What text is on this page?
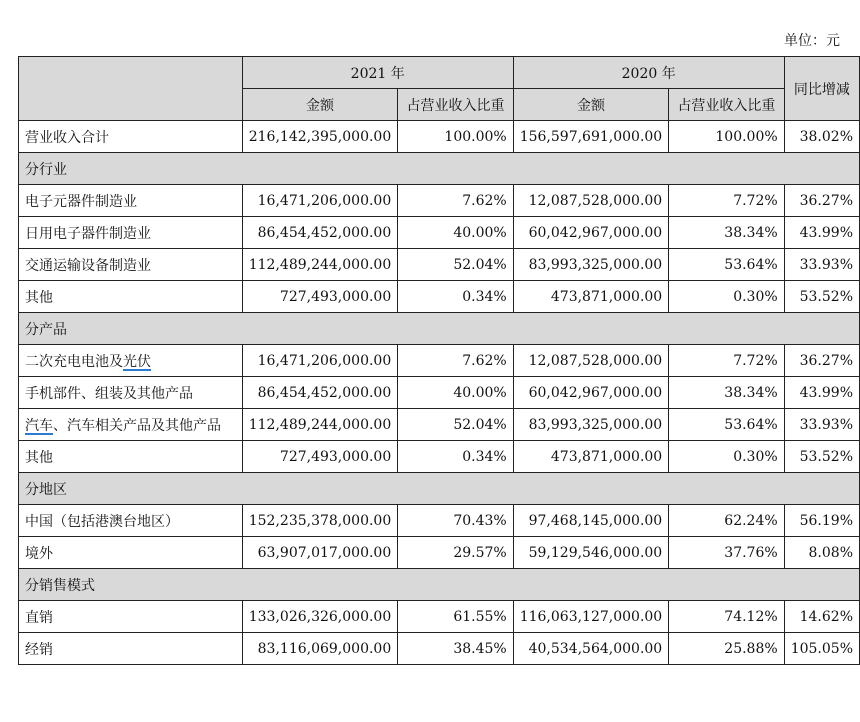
单位：元
	2021 年		2020 年		同比增减
	金额	占营业收入比重	金额	占营业收入比重	
营业收入合计	216,142,395,000.00	100.00%	156,597,691,000.00	100.00%	38.02%
分行业					
电子元器件制造业	16,471,206,000.00	7.62%	12,087,528,000.00	7.72%	36.27%
日用电子器件制造业	86,454,452,000.00	40.00%	60,042,967,000.00	38.34%	43.99%
交通运输设备制造业	112,489,244,000.00	52.04%	83,993,325,000.00	53.64%	33.93%
其他	727,493,000.00	0.34%	473,871,000.00	0.30%	53.52%
分产品					
二次充电电池及光伏	16,471,206,000.00	7.62%	12,087,528,000.00	7.72%	36.27%
手机部件、组装及其他产品	86,454,452,000.00	40.00%	60,042,967,000.00	38.34%	43.99%
汽车、汽车相关产品及其他产品	112,489,244,000.00	52.04%	83,993,325,000.00	53.64%	33.93%
其他	727,493,000.00	0.34%	473,871,000.00	0.30%	53.52%
分地区					
中国（包括港澳台地区）	152,235,378,000.00	70.43%	97,468,145,000.00	62.24%	56.19%
境外	63,907,017,000.00	29.57%	59,129,546,000.00	37.76%	8.08%
分销售模式					
直销	133,026,326,000.00	61.55%	116,063,127,000.00	74.12%	14.62%
经销	83,116,069,000.00	38.45%	40,534,564,000.00	25.88%	105.05%
